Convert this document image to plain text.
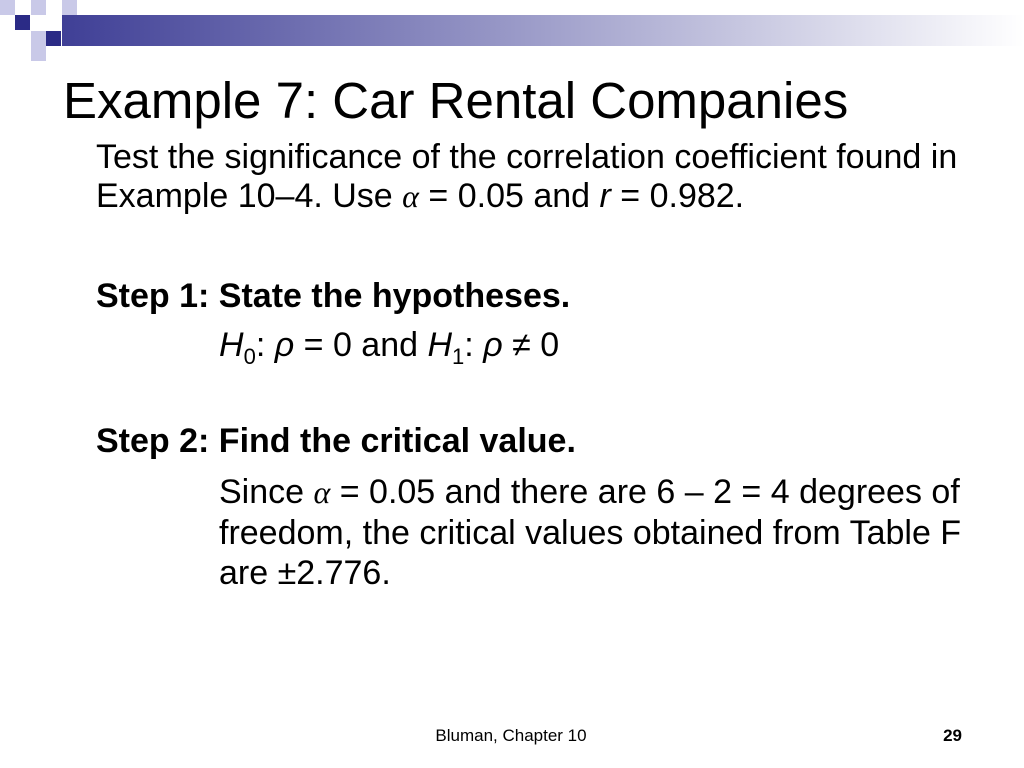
Example 7: Car Rental Companies
Test the significance of the correlation coefficient found in
Example 10–4. Use α = 0.05 and r = 0.982.
Step 1: State the hypotheses.
$H_0$: ρ = 0 and $H_1$: ρ ≠ 0
Step 2: Find the critical value.
Since α = 0.05 and there are 6 – 2 = 4 degrees of
freedom, the critical values obtained from Table F
are ±2.776.
Bluman, Chapter 10	29
